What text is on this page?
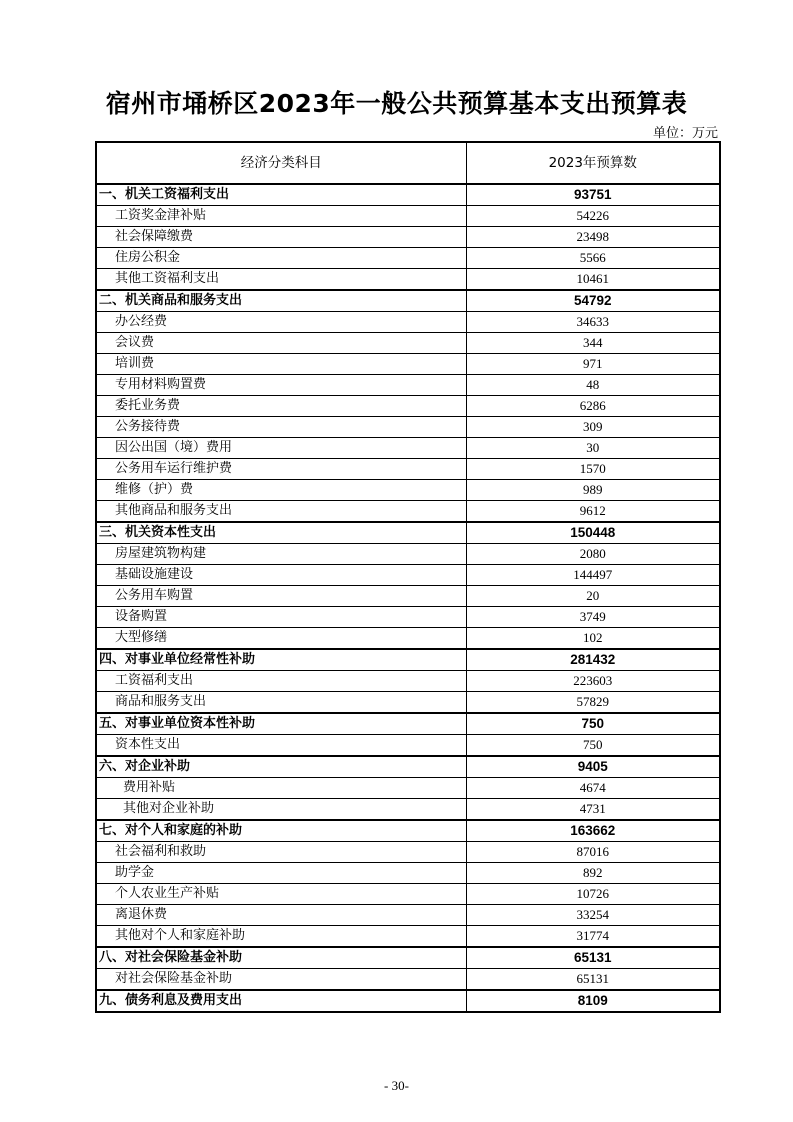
宿州市埇桥区2023年一般公共预算基本支出预算表
单位：万元
经济分类科目	2023年预算数
一、机关工资福利支出	93751
工资奖金津补贴	54226
社会保障缴费	23498
住房公积金	5566
其他工资福利支出	10461
二、机关商品和服务支出	54792
办公经费	34633
会议费	344
培训费	971
专用材料购置费	48
委托业务费	6286
公务接待费	309
因公出国（境）费用	30
公务用车运行维护费	1570
维修（护）费	989
其他商品和服务支出	9612
三、机关资本性支出	150448
房屋建筑物构建	2080
基础设施建设	144497
公务用车购置	20
设备购置	3749
大型修缮	102
四、对事业单位经常性补助	281432
工资福利支出	223603
商品和服务支出	57829
五、对事业单位资本性补助	750
资本性支出	750
六、对企业补助	9405
费用补贴	4674
其他对企业补助	4731
七、对个人和家庭的补助	163662
社会福利和救助	87016
助学金	892
个人农业生产补贴	10726
离退休费	33254
其他对个人和家庭补助	31774
八、对社会保险基金补助	65131
对社会保险基金补助	65131
九、债务利息及费用支出	8109
- 30-
